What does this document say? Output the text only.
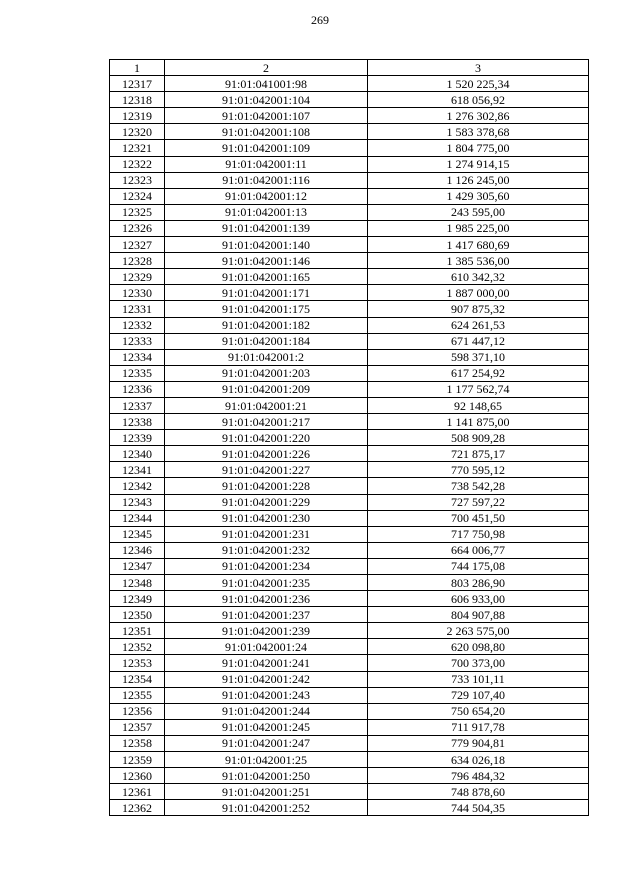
269
1	2	3
12317	91:01:041001:98	1 520 225,34
12318	91:01:042001:104	618 056,92
12319	91:01:042001:107	1 276 302,86
12320	91:01:042001:108	1 583 378,68
12321	91:01:042001:109	1 804 775,00
12322	91:01:042001:11	1 274 914,15
12323	91:01:042001:116	1 126 245,00
12324	91:01:042001:12	1 429 305,60
12325	91:01:042001:13	243 595,00
12326	91:01:042001:139	1 985 225,00
12327	91:01:042001:140	1 417 680,69
12328	91:01:042001:146	1 385 536,00
12329	91:01:042001:165	610 342,32
12330	91:01:042001:171	1 887 000,00
12331	91:01:042001:175	907 875,32
12332	91:01:042001:182	624 261,53
12333	91:01:042001:184	671 447,12
12334	91:01:042001:2	598 371,10
12335	91:01:042001:203	617 254,92
12336	91:01:042001:209	1 177 562,74
12337	91:01:042001:21	92 148,65
12338	91:01:042001:217	1 141 875,00
12339	91:01:042001:220	508 909,28
12340	91:01:042001:226	721 875,17
12341	91:01:042001:227	770 595,12
12342	91:01:042001:228	738 542,28
12343	91:01:042001:229	727 597,22
12344	91:01:042001:230	700 451,50
12345	91:01:042001:231	717 750,98
12346	91:01:042001:232	664 006,77
12347	91:01:042001:234	744 175,08
12348	91:01:042001:235	803 286,90
12349	91:01:042001:236	606 933,00
12350	91:01:042001:237	804 907,88
12351	91:01:042001:239	2 263 575,00
12352	91:01:042001:24	620 098,80
12353	91:01:042001:241	700 373,00
12354	91:01:042001:242	733 101,11
12355	91:01:042001:243	729 107,40
12356	91:01:042001:244	750 654,20
12357	91:01:042001:245	711 917,78
12358	91:01:042001:247	779 904,81
12359	91:01:042001:25	634 026,18
12360	91:01:042001:250	796 484,32
12361	91:01:042001:251	748 878,60
12362	91:01:042001:252	744 504,35
